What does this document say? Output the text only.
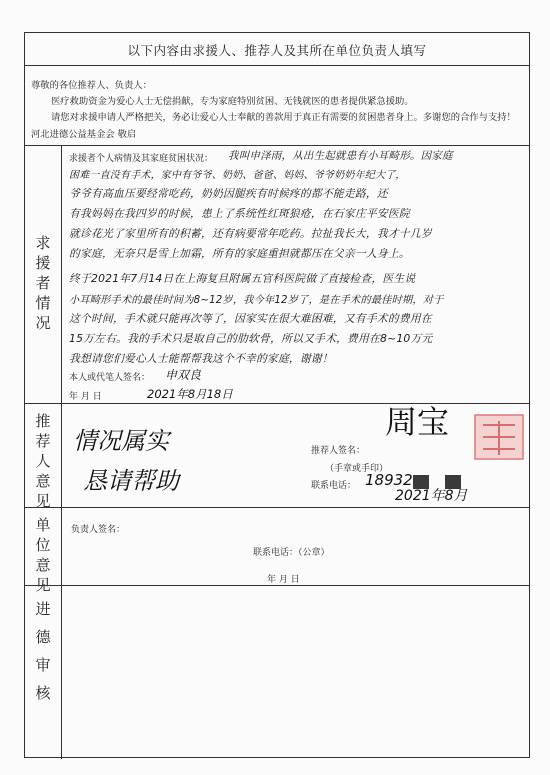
以下内容由求援人、推荐人及其所在单位负责人填写

尊敬的各位推荐人、负责人：

医疗救助资金为爱心人士无偿捐献，专为家庭特别贫困、无钱就医的患者提供紧急援助。

请您对求援申请人严格把关，务必让爱心人士奉献的善款用于真正有需要的贫困患者身上。多谢您的合作与支持！

河北进德公益基金会 敬启

求
援
者
情
况
求援者个人病情及其家庭贫困状况： 我叫申泽雨，从出生起就患有小耳畸形。因家庭
困难一直没有手术，家中有爷爷、奶奶、爸爸、妈妈、爷爷奶奶年纪大了，
爷爷有高血压要经常吃药，奶奶因腿疾有时候疼的都不能走路，还
有我妈妈在我四岁的时候，患上了系统性红斑狼疮，在石家庄平安医院
就诊花光了家里所有的积蓄，还有病要常年吃药。拉扯我长大，我才十几岁
的家庭，无奈只是雪上加霜，所有的家庭重担就都压在父亲一人身上。
终于2021年7月14日在上海复旦附属五官科医院做了直接检查，医生说
小耳畸形手术的最佳时间为8~12岁，我今年12岁了，是在手术的最佳时期，对于
这个时间，手术就只能再次等了，因家实在很大难困难，又有手术的费用在
15万左右。我的手术只是取自己的肋软骨，所以又手术，费用在8~10万元
我想请您们爱心人士能帮帮我这个不幸的家庭，谢谢！
本人或代笔人签名： 申双良
年 月 日	2021年8月18日
推
荐
人
意
见
情况属实
恳请帮助
推荐人签名：
（手章或手印）
联系电话： 18932
周宝
2021年8月
单
位
意
见
负责人签名：
联系电话：（公章）
年 月 日
进
德
审
核
